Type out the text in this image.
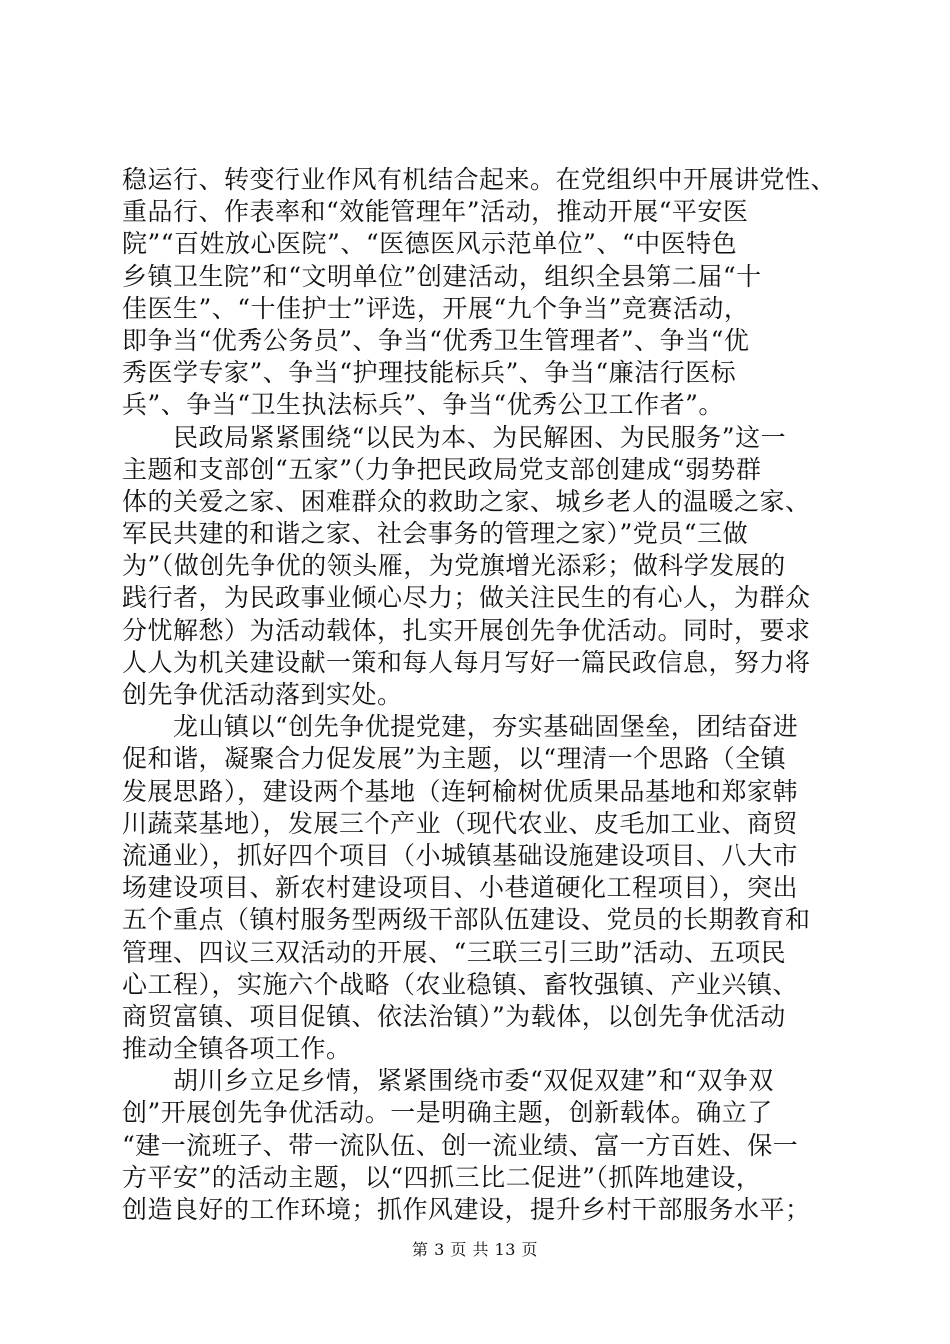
稳运行、转变行业作风有机结合起来。在党组织中开展讲党性、
重品行、作表率和“效能管理年”活动，推动开展“平安医
院”“百姓放心医院”、“医德医风示范单位”、“中医特色
乡镇卫生院”和“文明单位”创建活动，组织全县第二届“十
佳医生”、“十佳护士”评选，开展“九个争当”竞赛活动，
即争当“优秀公务员”、争当“优秀卫生管理者”、争当“优
秀医学专家”、争当“护理技能标兵”、争当“廉洁行医标
兵”、争当“卫生执法标兵”、争当“优秀公卫工作者”。
　　民政局紧紧围绕“以民为本、为民解困、为民服务”这一
主题和支部创“五家”（力争把民政局党支部创建成“弱势群
体的关爱之家、困难群众的救助之家、城乡老人的温暖之家、
军民共建的和谐之家、社会事务的管理之家）”党员“三做
为”（做创先争优的领头雁，为党旗增光添彩；做科学发展的
践行者，为民政事业倾心尽力；做关注民生的有心人，为群众
分忧解愁）为活动载体，扎实开展创先争优活动。同时，要求
人人为机关建设献一策和每人每月写好一篇民政信息，努力将
创先争优活动落到实处。
　　龙山镇以“创先争优提党建，夯实基础固堡垒，团结奋进
促和谐，凝聚合力促发展”为主题，以“理清一个思路（全镇
发展思路），建设两个基地（连轲榆树优质果品基地和郑家韩
川蔬菜基地），发展三个产业（现代农业、皮毛加工业、商贸
流通业），抓好四个项目（小城镇基础设施建设项目、八大市
场建设项目、新农村建设项目、小巷道硬化工程项目），突出
五个重点（镇村服务型两级干部队伍建设、党员的长期教育和
管理、四议三双活动的开展、“三联三引三助”活动、五项民
心工程），实施六个战略（农业稳镇、畜牧强镇、产业兴镇、
商贸富镇、项目促镇、依法治镇）”为载体，以创先争优活动
推动全镇各项工作。
　　胡川乡立足乡情，紧紧围绕市委“双促双建”和“双争双
创”开展创先争优活动。一是明确主题，创新载体。确立了
“建一流班子、带一流队伍、创一流业绩、富一方百姓、保一
方平安”的活动主题，以“四抓三比二促进”（抓阵地建设，
创造良好的工作环境；抓作风建设，提升乡村干部服务水平；
第 3 页 共 13 页
